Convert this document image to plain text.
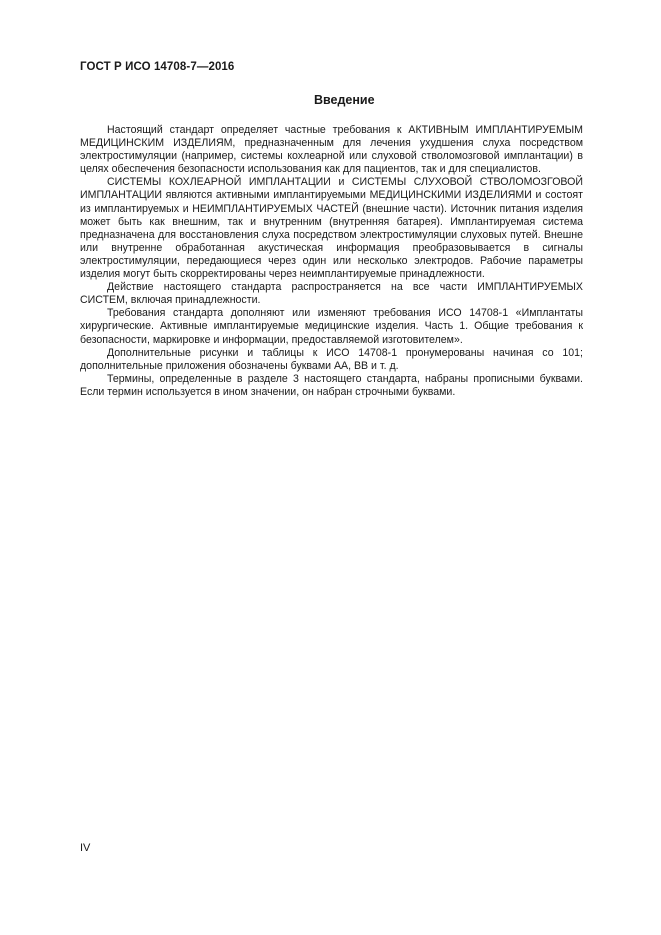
ГОСТ Р ИСО 14708-7—2016
Введение

Настоящий стандарт определяет частные требования к АКТИВНЫМ ИМПЛАНТИРУЕМЫМ МЕДИЦИНСКИМ ИЗДЕЛИЯМ, предназначенным для лечения ухудшения слуха посредством электростимуляции (например, системы кохлеарной или слуховой стволомозговой имплантации) в целях обеспечения безопасности использования как для пациентов, так и для специалистов.

СИСТЕМЫ КОХЛЕАРНОЙ ИМПЛАНТАЦИИ и СИСТЕМЫ СЛУХОВОЙ СТВОЛОМОЗГОВОЙ ИМПЛАНТАЦИИ являются активными имплантируемыми МЕДИЦИНСКИМИ ИЗДЕЛИЯМИ и состоят из имплантируемых и НЕИМПЛАНТИРУЕМЫХ ЧАСТЕЙ (внешние части). Источник питания изделия может быть как внешним, так и внутренним (внутренняя батарея). Имплантируемая система предназначена для восстановления слуха посредством электростимуляции слуховых путей. Внешне или внутренне обработанная акустическая информация преобразовывается в сигналы электростимуляции, передающиеся через один или несколько электродов. Рабочие параметры изделия могут быть скорректированы через неимплантируемые принадлежности.

Действие настоящего стандарта распространяется на все части ИМПЛАНТИРУЕМЫХ СИСТЕМ, включая принадлежности.

Требования стандарта дополняют или изменяют требования ИСО 14708-1 «Имплантаты хирургические. Активные имплантируемые медицинские изделия. Часть 1. Общие требования к безопасности, маркировке и информации, предоставляемой изготовителем».

Дополнительные рисунки и таблицы к ИСО 14708-1 пронумерованы начиная со 101; дополнительные приложения обозначены буквами АА, ВВ и т. д.

Термины, определенные в разделе 3 настоящего стандарта, набраны прописными буквами. Если термин используется в ином значении, он набран строчными буквами.

IV
